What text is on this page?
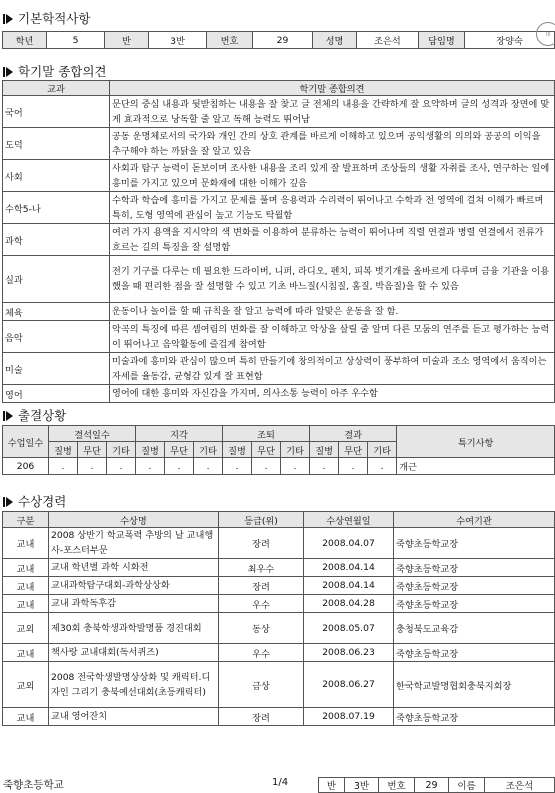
기본학적사항
학년	5	반	3반	번호	29	성명	조은석	담임명	장양숙
印
학기말 종합의견
교과	학기말 종합의견
국어	문단의 중심 내용과 뒷받침하는 내용을 잘 찾고 글 전체의 내용을 간략하게 잘 요약하며 글의 성격과 장면에 맞게 효과적으로 낭독할 줄 알고 독해 능력도 뛰어남
도덕	공동 운명체로서의 국가와 개인 간의 상호 관계를 바르게 이해하고 있으며 공익생활의 의의와 공공의 이익을 추구해야 하는 까닭을 잘 알고 있음
사회	사회과 탐구 능력이 돋보이며 조사한 내용을 조리 있게 잘 발표하며 조상들의 생활 자취를 조사, 연구하는 일에 흥미를 가지고 있으며 문화재에 대한 이해가 깊음
수학5-나	수학과 학습에 흥미를 가지고 문제를 풀며 응용력과 수리력이 뛰어나고 수학과 전 영역에 걸쳐 이해가 빠르며 특히, 도형 영역에 관심이 높고 기능도 탁월함
과학	여러 가지 용액을 지시약의 색 변화를 이용하여 분류하는 능력이 뛰어나며 직렬 연결과 병렬 연결에서 전류가 흐르는 길의 특징을 잘 설명함
실과	전기 기구를 다루는 데 필요한 드라이버, 니퍼, 라디오, 펜치, 피복 벗기개를 올바르게 다루며 금융 기관을 이용했을 때 편리한 점을 잘 설명할 수 있고 기초 바느질(시침질, 홈질, 박음질)을 할 수 있음
체육	운동이나 놀이를 할 때 규칙을 잘 알고 능력에 따라 알맞은 운동을 잘 함.
음악	악곡의 특징에 따른 셈여림의 변화를 잘 이해하고 악상을 살릴 줄 알며 다른 모둠의 연주를 듣고 평가하는 능력이 뛰어나고 음악활동에 즐겁게 참여함
미술	미술과에 흥미와 관심이 많으며 특히 만들기에 창의적이고 상상력이 풍부하여 미술과 조소 영역에서 움직이는 자세를 율동감, 균형감 있게 잘 표현함
영어	영어에 대한 흥미와 자신감을 가지며, 의사소통 능력이 아주 우수함
출결상황
수업일수	결석일수			지각			조퇴			결과			특기사항
	질병	무단	기타	질병	무단	기타	질병	무단	기타	질병	무단	기타	
206	.	.	.	.	.	.	.	.	.	.	.	.	개근
수상경력
구분	수상명	등급(위)	수상연월일	수여기관
교내	2008 상반기 학교폭력 추방의 날 교내행사-포스터부문	장려	2008.04.07	죽향초등학교장
교내	교내 학년별 과학 시화전	최우수	2008.04.14	죽향초등학교장
교내	교내과학탐구대회-과학상상화	장려	2008.04.14	죽향초등학교장
교내	교내 과학독후감	우수	2008.04.28	죽향초등학교장
교외	제30회 충북학생과학발명품 경진대회	동상	2008.05.07	충청북도교육감
교내	책사랑 교내대회(독서퀴즈)	우수	2008.06.23	죽향초등학교장
교외	2008 전국학생발명상상화 및 캐릭터.디자인 그리기 충북예선대회(초등캐릭터)	금상	2008.06.27	한국학교발명협회충북지회장
교내	교내 영어잔치	장려	2008.07.19	죽향초등학교장
죽향초등학교	1/4	반	3반	번호	29	이름	조은석
